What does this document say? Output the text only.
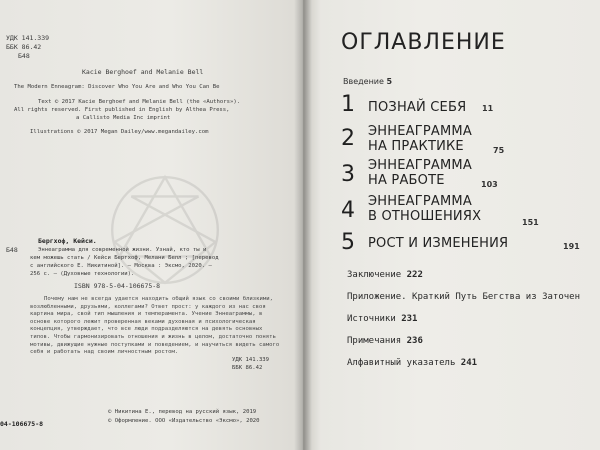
УДК 141.339
ББК 86.42
Б48
Kacie Berghoef and Melanie Bell
The Modern Enneagram: Discover Who You Are and Who You Can Be
Text © 2017 Kacie Berghoef and Melanie Bell (the «Authors»).
All rights reserved. First published in English by Althea Press,
a Callisto Media Inc imprint
Illustrations © 2017 Megan Dailey/www.megandailey.com
Б48
Бергхоф, Кейси.
Эннеаграмма для современной жизни. Узнай, кто ты и
кем можешь стать / Кейси Бергхоф, Мелани Белл ; [перевод
с английского Е. Никитиной]. – Москва : Эксмо, 2020. –
256 с. – (Духовные технологии).
ISBN 978-5-04-106675-8
Почему нам не всегда удается находить общий язык со своими близкими, возлюбленными, друзьями, коллегами? Ответ прост: у каждого из нас своя картина мира, свой тип мышления и темперамента. Учение Эннеаграммы, в основе которого лежит проверенная веками духовная и психологическая концепция, утверждает, что все люди подразделяются на девять основных типов. Чтобы гармонизировать отношения и жизнь в целом, достаточно понять мотивы, движущие нужные поступками и поведением, и научиться видеть самого себя и работать над своим личностным ростом.
УДК 141.339
ББК 86.42
04-106675-8
© Никитина Е., перевод на русский язык, 2019
© Оформление. ООО «Издательство «Эксмо», 2020
ОГЛАВЛЕНИЕ
Введение 5
1 ПОЗНАЙ СЕБЯ 11
2 ЭННЕАГРАММА
НА ПРАКТИКЕ	75
3 ЭННЕАГРАММА
НА РАБОТЕ	103
4 ЭННЕАГРАММА
В ОТНОШЕНИЯХ	151
5 РОСТ И ИЗМЕНЕНИЯ	191
Заключение 222
Приложение. Краткий Путь Бегства из Заточен
Источники 231
Примечания 236
Алфавитный указатель 241
